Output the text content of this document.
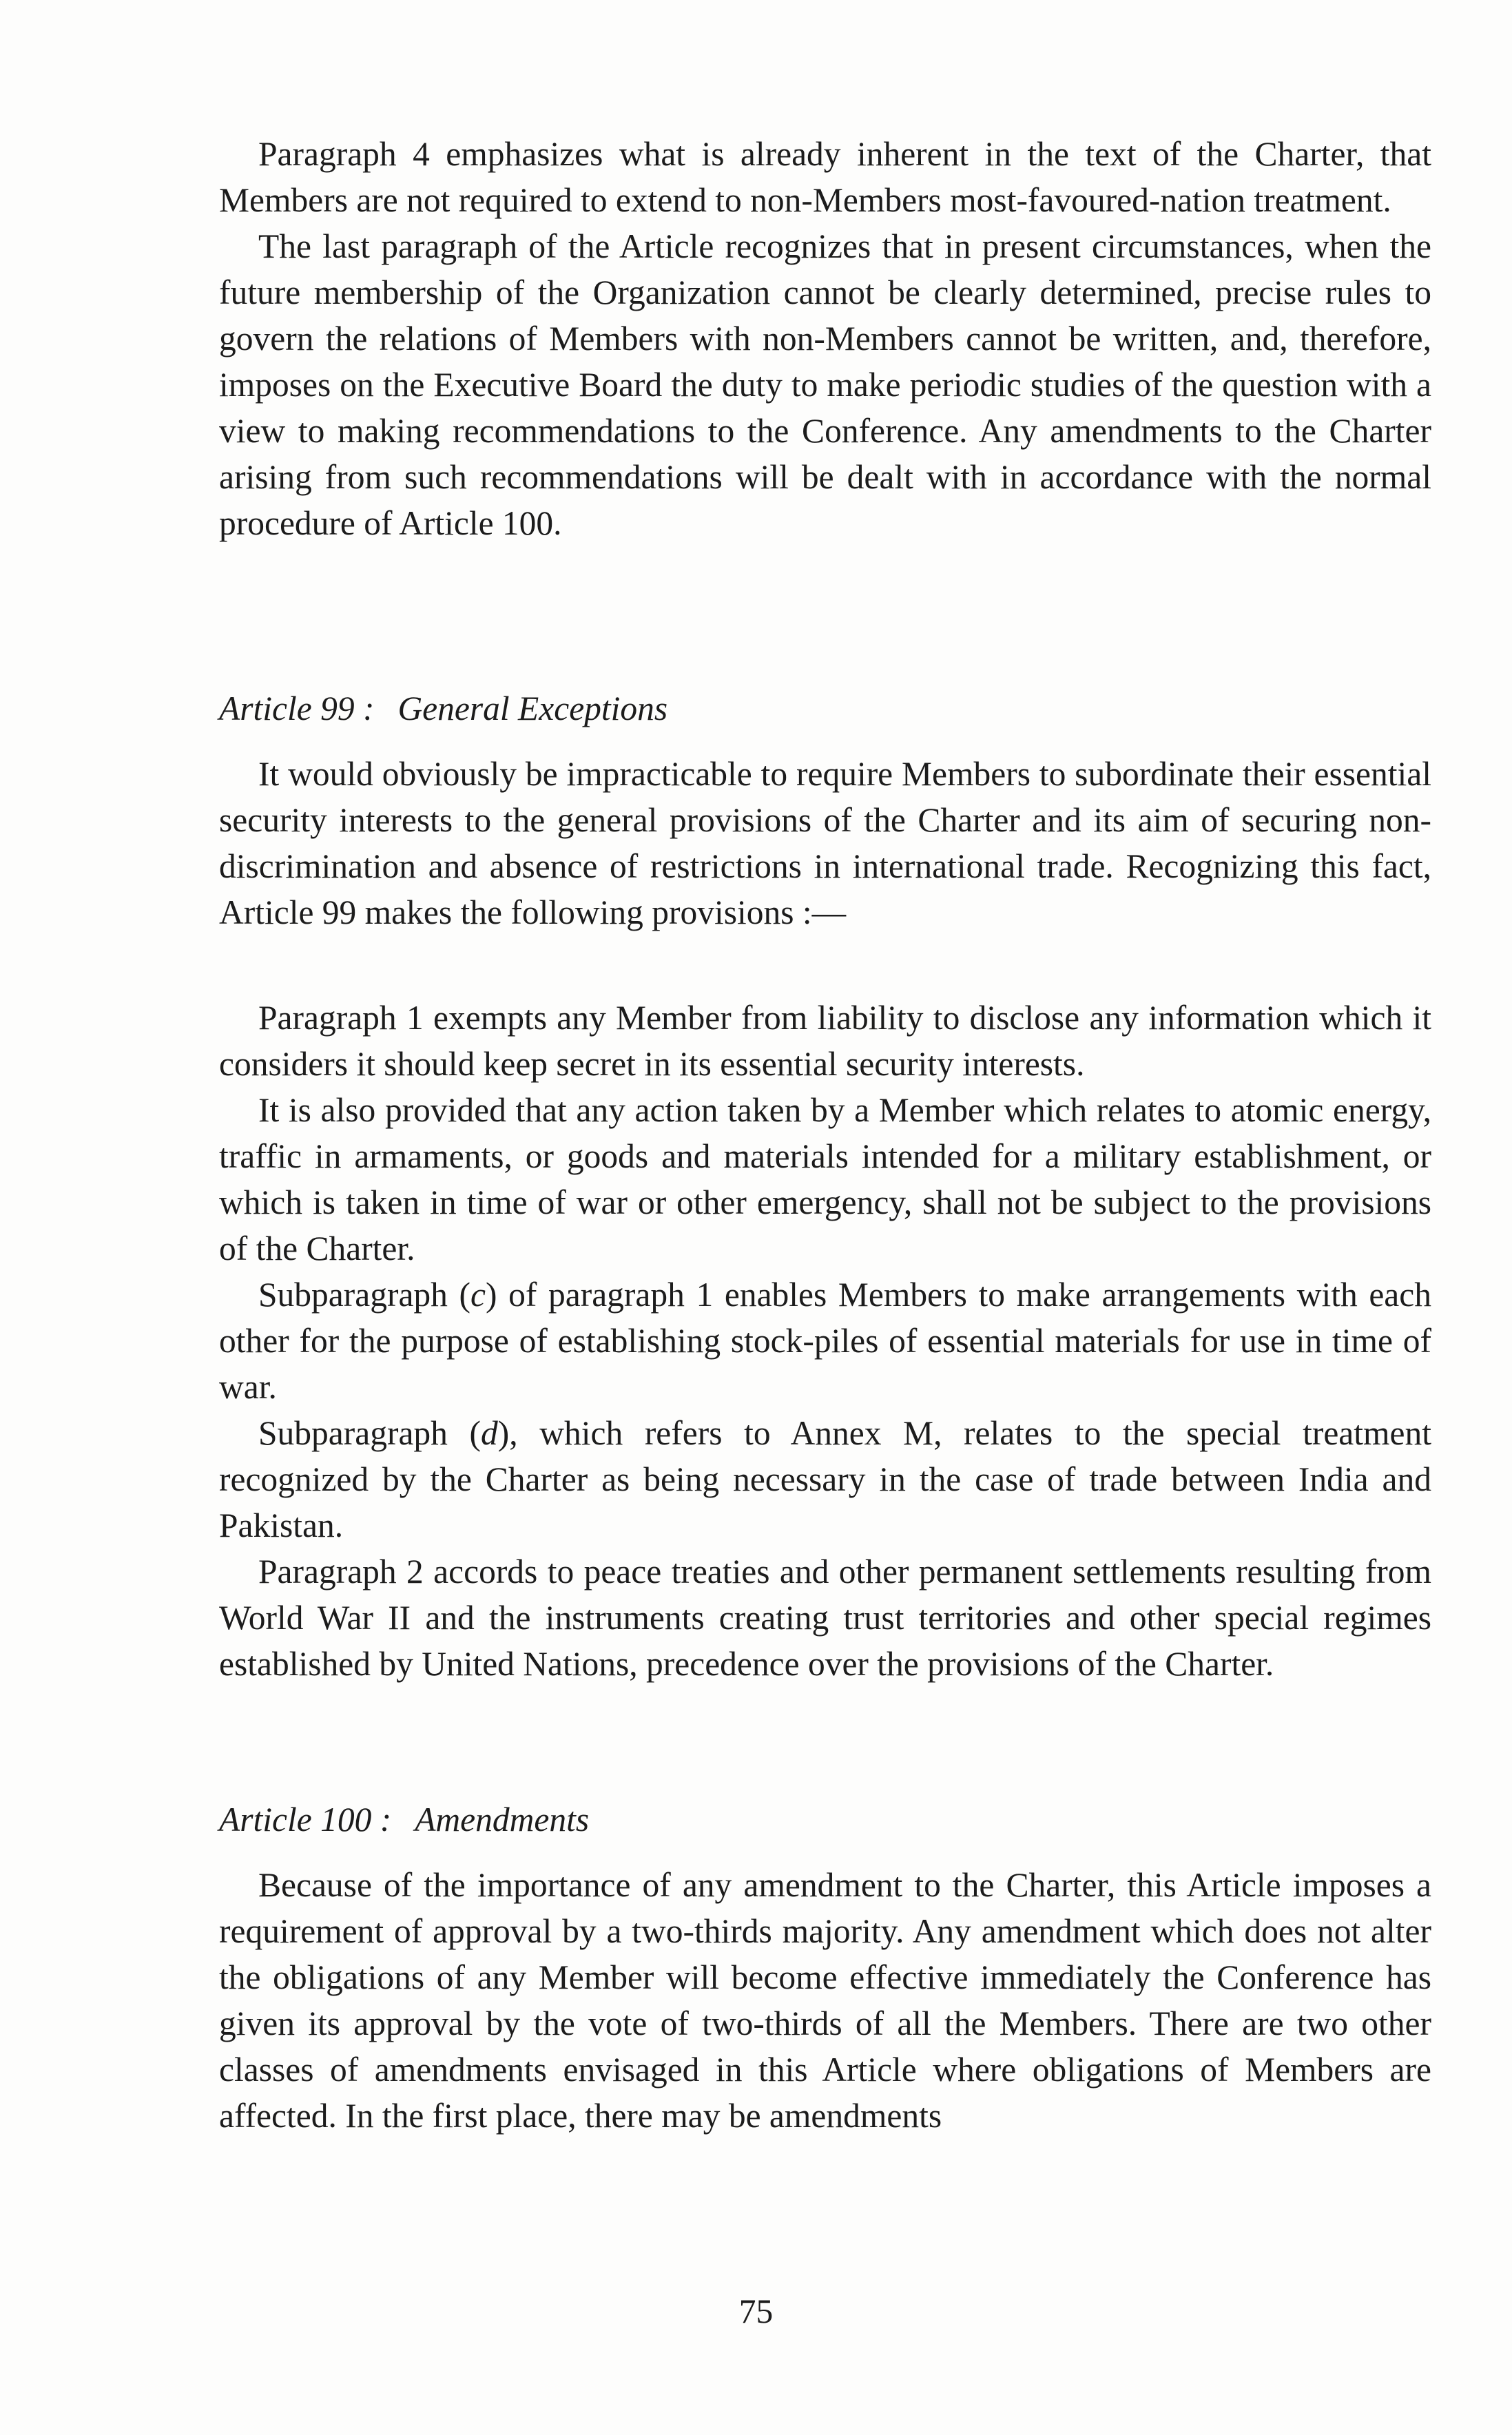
Paragraph 4 emphasizes what is already inherent in the text of the Charter, that Members are not required to extend to non-Members most-favoured-nation treatment.

The last paragraph of the Article recognizes that in present circumstances, when the future membership of the Organization cannot be clearly determined, precise rules to govern the relations of Members with non-Members cannot be written, and, therefore, imposes on the Executive Board the duty to make periodic studies of the question with a view to making recommendations to the Conference. Any amendments to the Charter arising from such recommendations will be dealt with in accordance with the normal procedure of Article 100.

Article 99 : General Exceptions

It would obviously be impracticable to require Members to subordinate their essential security interests to the general provisions of the Charter and its aim of securing non-discrimination and absence of restrictions in international trade. Recognizing this fact, Article 99 makes the following provisions :—

Paragraph 1 exempts any Member from liability to disclose any information which it considers it should keep secret in its essential security interests.

It is also provided that any action taken by a Member which relates to atomic energy, traffic in armaments, or goods and materials intended for a military establishment, or which is taken in time of war or other emergency, shall not be subject to the provisions of the Charter.

Subparagraph (c) of paragraph 1 enables Members to make arrangements with each other for the purpose of establishing stock-piles of essential materials for use in time of war.

Subparagraph (d), which refers to Annex M, relates to the special treatment recognized by the Charter as being necessary in the case of trade between India and Pakistan.

Paragraph 2 accords to peace treaties and other permanent settlements resulting from World War II and the instruments creating trust territories and other special regimes established by United Nations, precedence over the provisions of the Charter.

Article 100 : Amendments

Because of the importance of any amendment to the Charter, this Article imposes a requirement of approval by a two-thirds majority. Any amendment which does not alter the obligations of any Member will become effective immediately the Conference has given its approval by the vote of two-thirds of all the Members. There are two other classes of amendments envisaged in this Article where obligations of Members are affected. In the first place, there may be amendments

75
